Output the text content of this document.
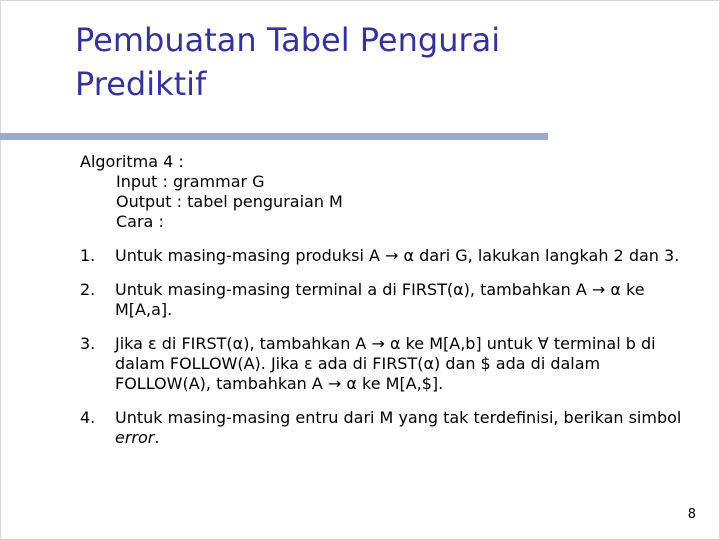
Pembuatan Tabel Pengurai
Prediktif
Algoritma 4 :
Input : grammar G
Output : tabel penguraian M
Cara :
1. Untuk masing-masing produksi A → α dari G, lakukan langkah 2 dan 3.
2. Untuk masing-masing terminal a di FIRST(α), tambahkan A → α ke M[A,a].
3. Jika ε di FIRST(α), tambahkan A → α ke M[A,b] untuk ∀ terminal b di dalam FOLLOW(A). Jika ε ada di FIRST(α) dan $ ada di dalam FOLLOW(A), tambahkan A → α ke M[A,$].
4. Untuk masing-masing entru dari M yang tak terdefinisi, berikan simbol error.
8
